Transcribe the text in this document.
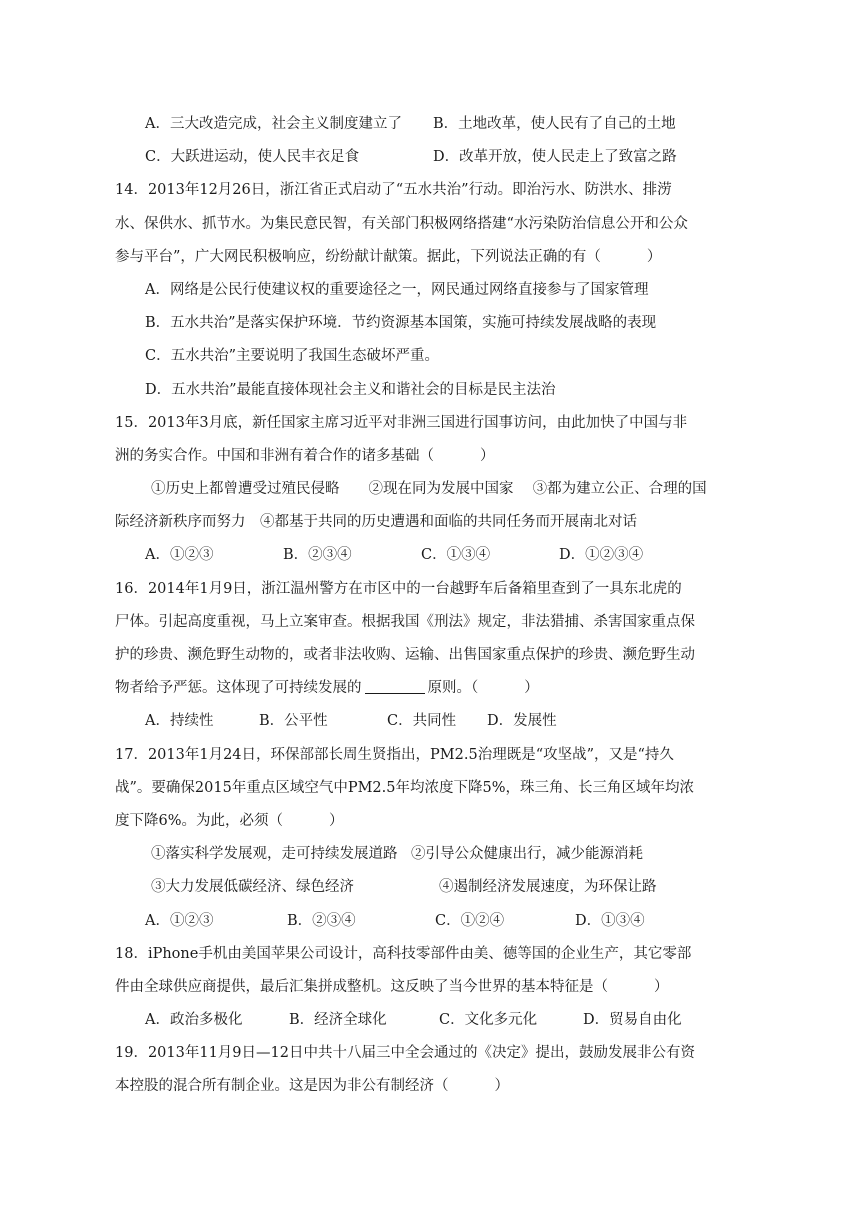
A．三大改造完成，社会主义制度建立了 B．土地改革，使人民有了自己的土地
C．大跃进运动，使人民丰衣足食	D．改革开放，使人民走上了致富之路
14．2013年12月26日，浙江省正式启动了“五水共治”行动。即治污水、防洪水、排涝
水、保供水、抓节水。为集民意民智，有关部门积极网络搭建“水污染防治信息公开和公众
参与平台”，广大网民积极响应，纷纷献计献策。据此，下列说法正确的有（	）
A．网络是公民行使建议权的重要途径之一，网民通过网络直接参与了国家管理
B．五水共治”是落实保护环境．节约资源基本国策，实施可持续发展战略的表现
C．五水共治”主要说明了我国生态破坏严重。
D．五水共治”最能直接体现社会主义和谐社会的目标是民主法治
15．2013年3月底，新任国家主席习近平对非洲三国进行国事访问，由此加快了中国与非
洲的务实合作。中国和非洲有着合作的诸多基础（	）
①历史上都曾遭受过殖民侵略　　②现在同为发展中国家　 ③都为建立公正、合理的国
际经济新秩序而努力　④都基于共同的历史遭遇和面临的共同任务而开展南北对话
A．①②③	B．②③④	C．①③④	D．①②③④
16．2014年1月9日，浙江温州警方在市区中的一台越野车后备箱里查到了一具东北虎的
尸体。引起高度重视，马上立案审查。根据我国《刑法》规定，非法猎捕、杀害国家重点保
护的珍贵、濒危野生动物的，或者非法收购、运输、出售国家重点保护的珍贵、濒危野生动
物者给予严惩。这体现了可持续发展的	原则。（	）
A．持续性	B．公平性	C．共同性 D．发展性
17．2013年1月24日，环保部部长周生贤指出，PM2.5治理既是“攻坚战”，又是“持久
战”。要确保2015年重点区域空气中PM2.5年均浓度下降5%，珠三角、长三角区域年均浓
度下降6%。为此，必须（	）
①落实科学发展观，走可持续发展道路 ②引导公众健康出行，减少能源消耗
③大力发展低碳经济、绿色经济	④遏制经济发展速度，为环保让路
A．①②③	B．②③④	C．①②④	D．①③④
18．iPhone手机由美国苹果公司设计，高科技零部件由美、德等国的企业生产，其它零部
件由全球供应商提供，最后汇集拼成整机。这反映了当今世界的基本特征是（	）
A．政治多极化	B．经济全球化	C．文化多元化	D．贸易自由化
19．2013年11月9日—12日中共十八届三中全会通过的《决定》提出，鼓励发展非公有资
本控股的混合所有制企业。这是因为非公有制经济（	）
